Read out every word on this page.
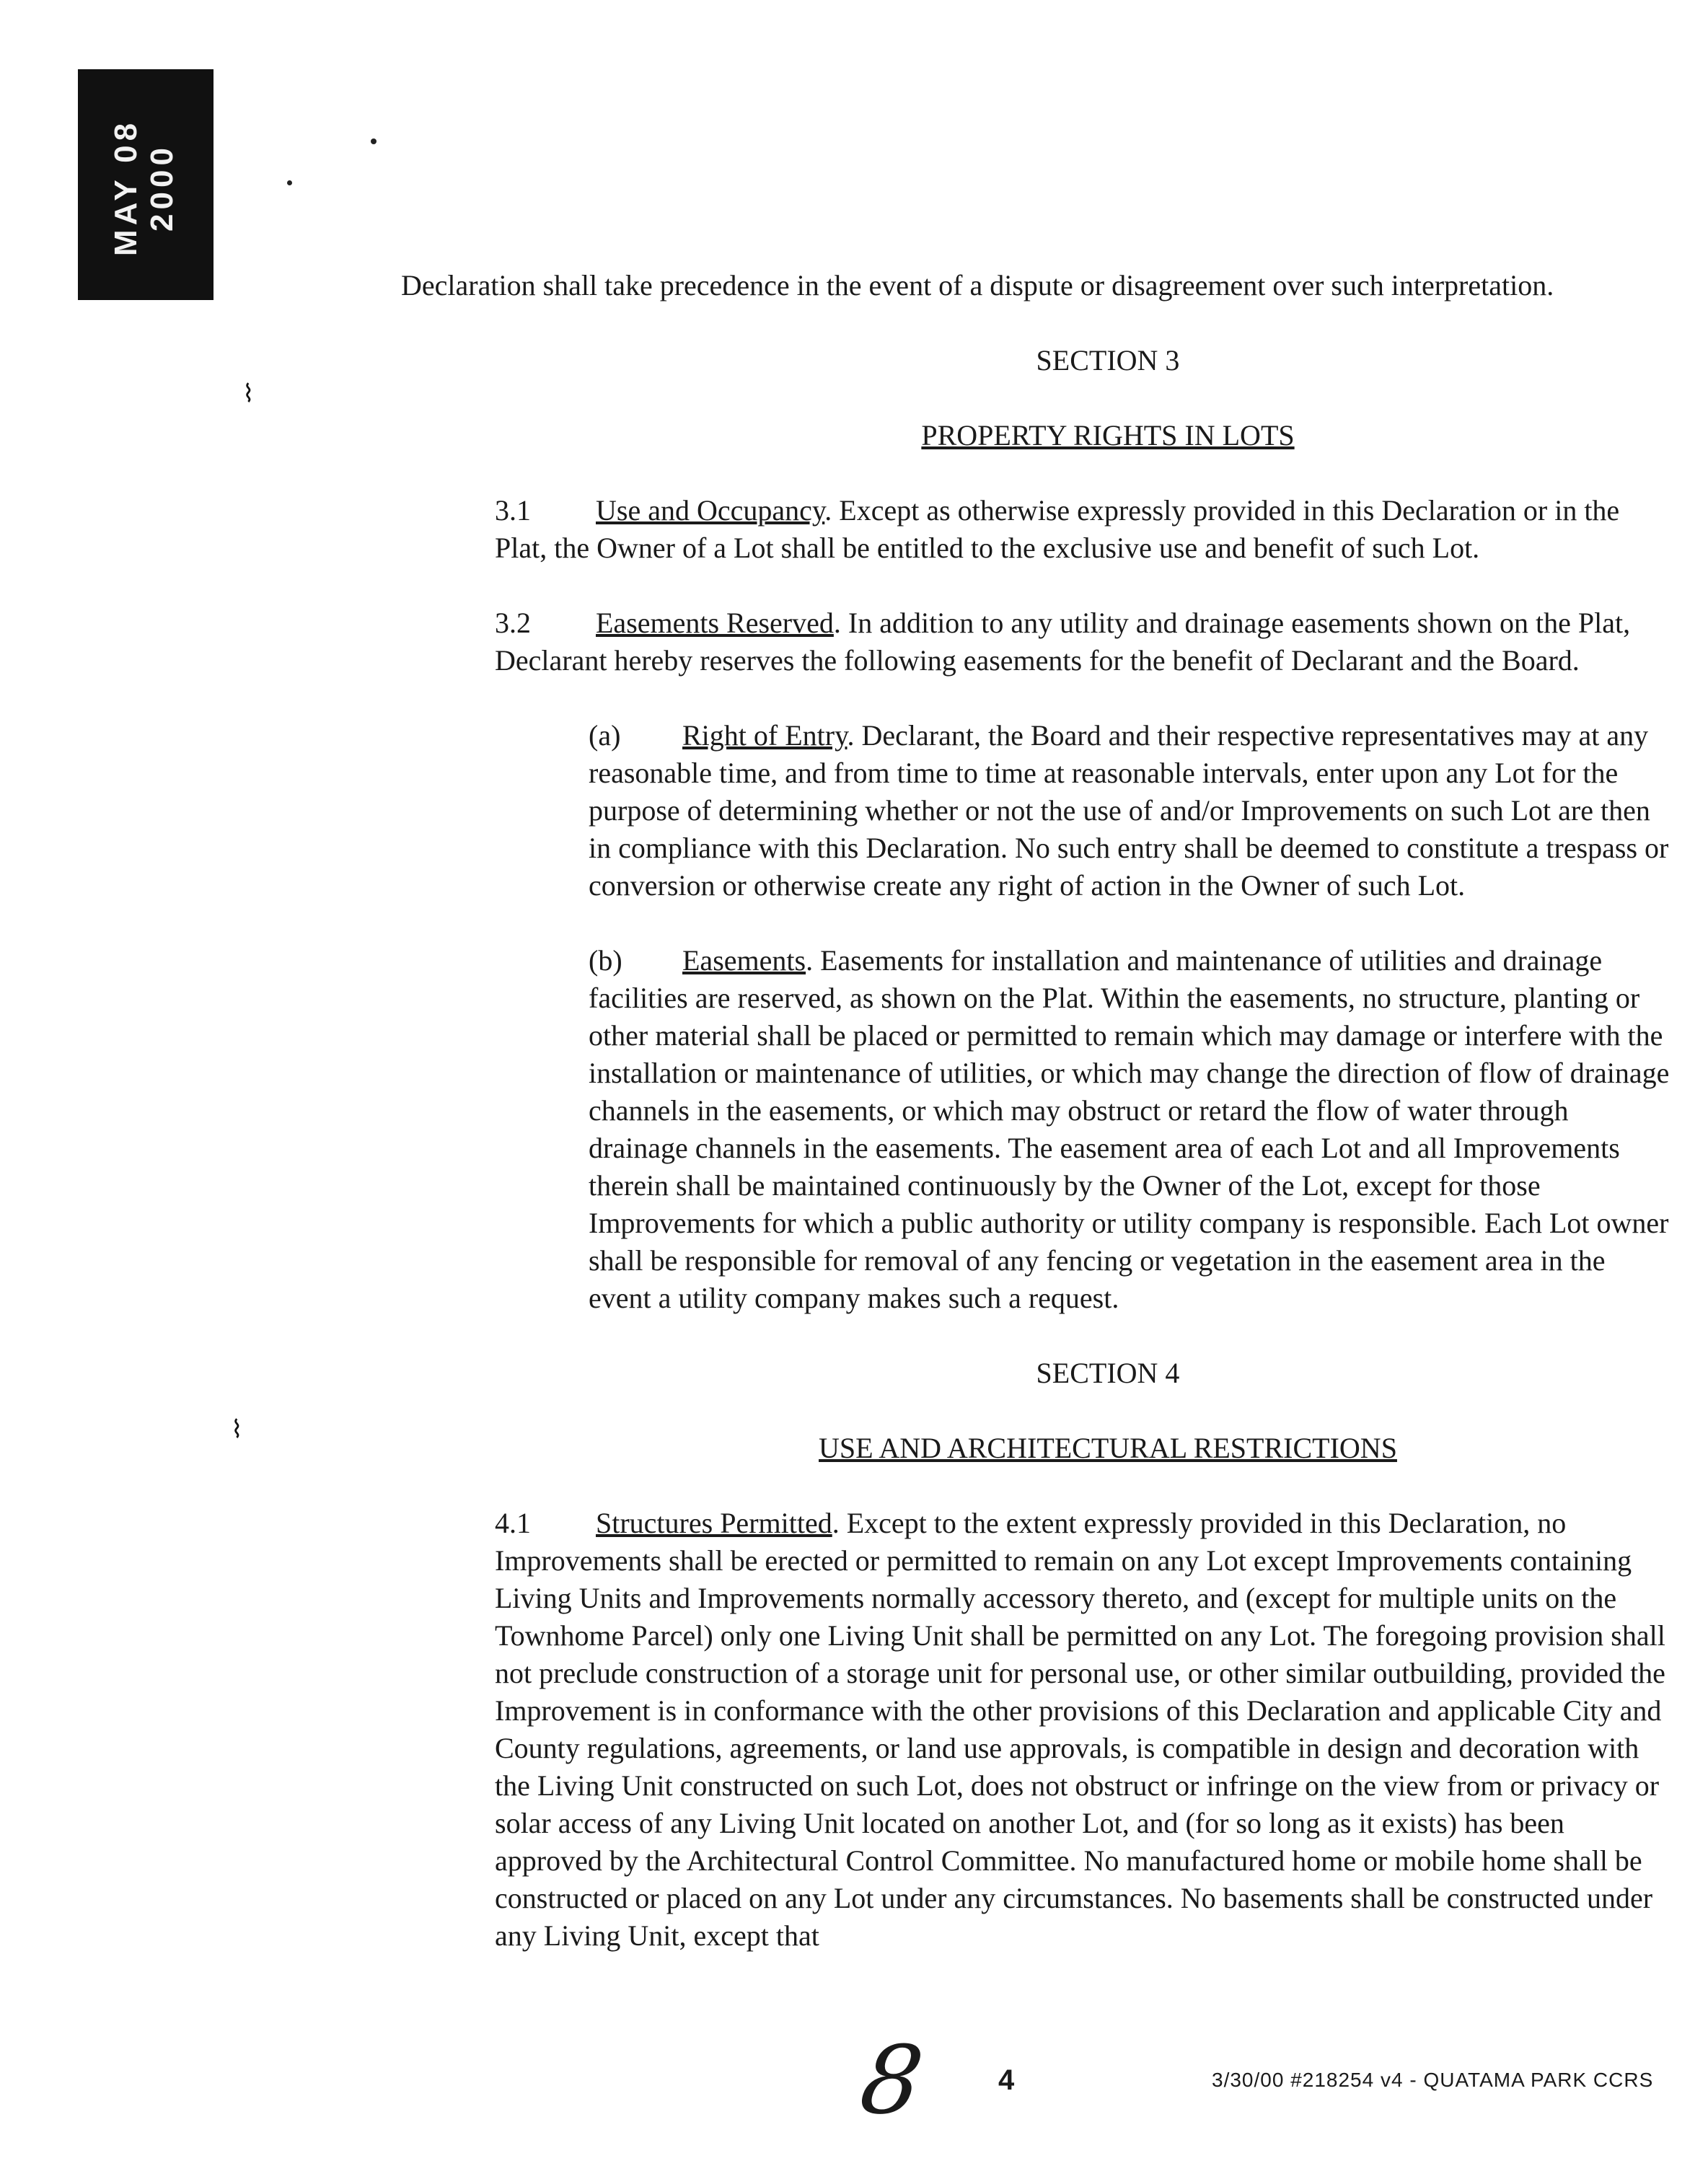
MAY 08 2000
⌇
⌇

Declaration shall take precedence in the event of a dispute or disagreement over such interpretation.

SECTION 3

PROPERTY RIGHTS IN LOTS

3.1 Use and Occupancy. Except as otherwise expressly provided in this Declaration or in the Plat, the Owner of a Lot shall be entitled to the exclusive use and benefit of such Lot.

3.2 Easements Reserved. In addition to any utility and drainage easements shown on the Plat, Declarant hereby reserves the following easements for the benefit of Declarant and the Board.

(a) Right of Entry. Declarant, the Board and their respective representatives may at any reasonable time, and from time to time at reasonable intervals, enter upon any Lot for the purpose of determining whether or not the use of and/or Improvements on such Lot are then in compliance with this Declaration. No such entry shall be deemed to constitute a trespass or conversion or otherwise create any right of action in the Owner of such Lot.

(b) Easements. Easements for installation and maintenance of utilities and drainage facilities are reserved, as shown on the Plat. Within the easements, no structure, planting or other material shall be placed or permitted to remain which may damage or interfere with the installation or maintenance of utilities, or which may change the direction of flow of drainage channels in the easements, or which may obstruct or retard the flow of water through drainage channels in the easements. The easement area of each Lot and all Improvements therein shall be maintained continuously by the Owner of the Lot, except for those Improvements for which a public authority or utility company is responsible. Each Lot owner shall be responsible for removal of any fencing or vegetation in the easement area in the event a utility company makes such a request.

SECTION 4

USE AND ARCHITECTURAL RESTRICTIONS

4.1 Structures Permitted. Except to the extent expressly provided in this Declaration, no Improvements shall be erected or permitted to remain on any Lot except Improvements containing Living Units and Improvements normally accessory thereto, and (except for multiple units on the Townhome Parcel) only one Living Unit shall be permitted on any Lot. The foregoing provision shall not preclude construction of a storage unit for personal use, or other similar outbuilding, provided the Improvement is in conformance with the other provisions of this Declaration and applicable City and County regulations, agreements, or land use approvals, is compatible in design and decoration with the Living Unit constructed on such Lot, does not obstruct or infringe on the view from or privacy or solar access of any Living Unit located on another Lot, and (for so long as it exists) has been approved by the Architectural Control Committee. No manufactured home or mobile home shall be constructed or placed on any Lot under any circumstances. No basements shall be constructed under any Living Unit, except that

8 4	3/30/00 #218254 v4 - QUATAMA PARK CCRS
